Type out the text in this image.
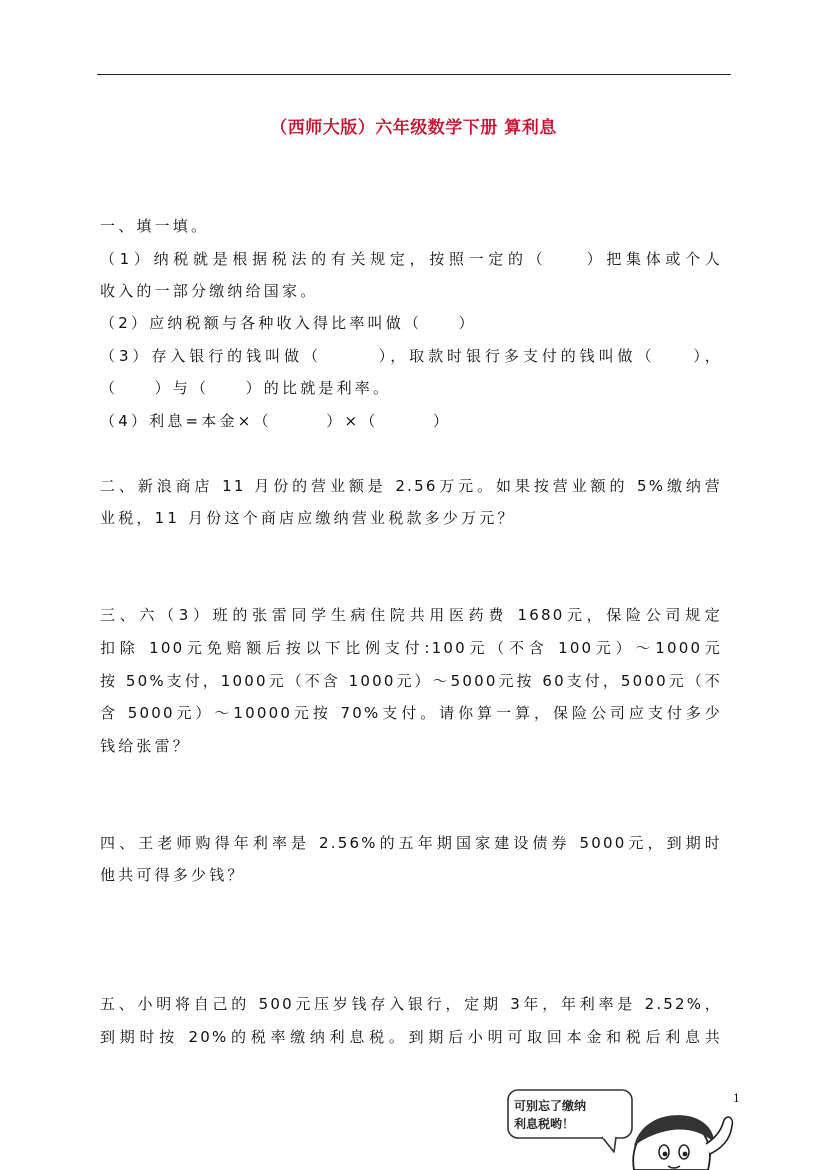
（西师大版）六年级数学下册 算利息
一、填一填。
（1）纳税就是根据税法的有关规定，按照一定的（　　）把集体或个人
收入的一部分缴纳给国家。
（2）应纳税额与各种收入得比率叫做（　　）
（3）存入银行的钱叫做（　　　），取款时银行多支付的钱叫做（　　），
（　　）与（　　）的比就是利率。
（4）利息=本金×（　　　）×（　　　）
二、新浪商店 11 月份的营业额是 2.56万元。如果按营业额的 5%缴纳营
业税，11 月份这个商店应缴纳营业税款多少万元？
三、六（3）班的张雷同学生病住院共用医药费 1680元，保险公司规定
扣除 100元免赔额后按以下比例支付:100元（不含 100元）～1000元
按 50%支付，1000元（不含 1000元）～5000元按 60支付，5000元（不
含 5000元）～10000元按 70%支付。请你算一算，保险公司应支付多少
钱给张雷？
四、王老师购得年利率是 2.56%的五年期国家建设债券 5000元，到期时
他共可得多少钱？
五、小明将自己的 500元压岁钱存入银行，定期 3年，年利率是 2.52%，
到期时按 20%的税率缴纳利息税。到期后小明可取回本金和税后利息共
1
可别忘了缴纳
利息税哟！
